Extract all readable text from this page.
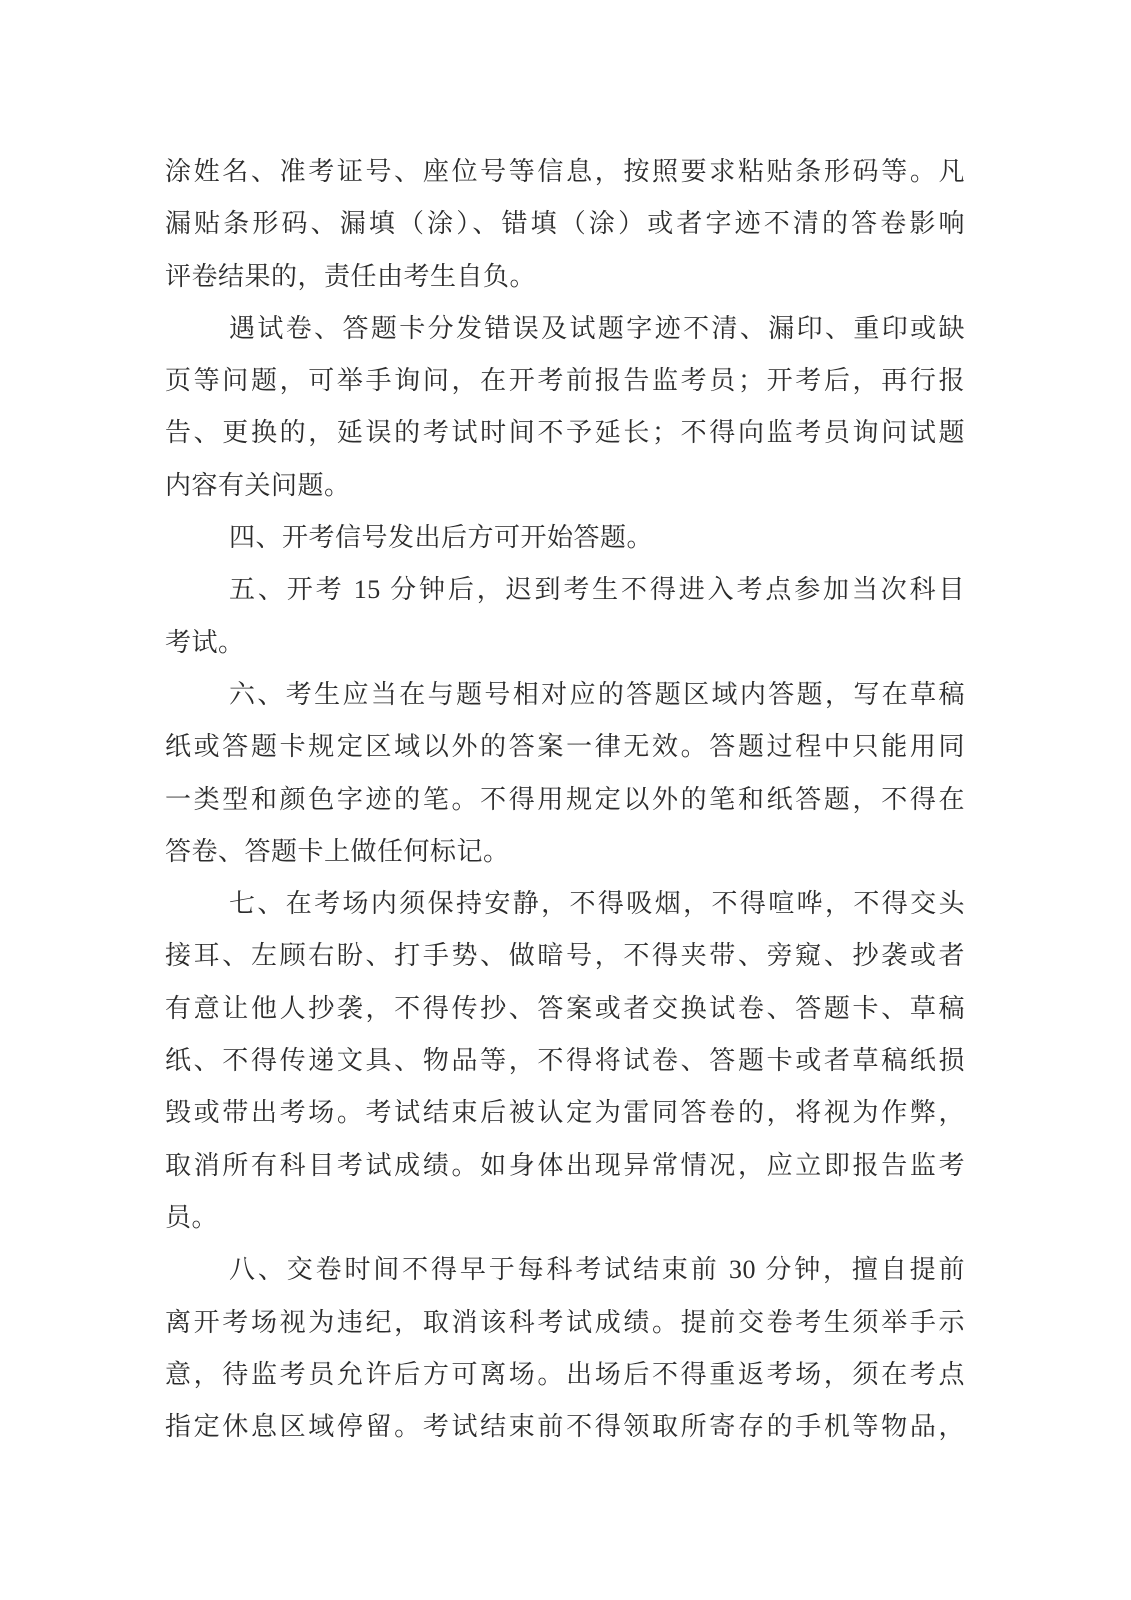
涂姓名、准考证号、座位号等信息，按照要求粘贴条形码等。凡
漏贴条形码、漏填（涂）、错填（涂）或者字迹不清的答卷影响
评卷结果的，责任由考生自负。
遇试卷、答题卡分发错误及试题字迹不清、漏印、重印或缺
页等问题，可举手询问，在开考前报告监考员；开考后，再行报
告、更换的，延误的考试时间不予延长；不得向监考员询问试题
内容有关问题。
四、开考信号发出后方可开始答题。
五、开考 15 分钟后，迟到考生不得进入考点参加当次科目
考试。
六、考生应当在与题号相对应的答题区域内答题，写在草稿
纸或答题卡规定区域以外的答案一律无效。答题过程中只能用同
一类型和颜色字迹的笔。不得用规定以外的笔和纸答题，不得在
答卷、答题卡上做任何标记。
七、在考场内须保持安静，不得吸烟，不得喧哗，不得交头
接耳、左顾右盼、打手势、做暗号，不得夹带、旁窥、抄袭或者
有意让他人抄袭，不得传抄、答案或者交换试卷、答题卡、草稿
纸、不得传递文具、物品等，不得将试卷、答题卡或者草稿纸损
毁或带出考场。考试结束后被认定为雷同答卷的，将视为作弊，
取消所有科目考试成绩。如身体出现异常情况，应立即报告监考
员。
八、交卷时间不得早于每科考试结束前 30 分钟，擅自提前
离开考场视为违纪，取消该科考试成绩。提前交卷考生须举手示
意，待监考员允许后方可离场。出场后不得重返考场，须在考点
指定休息区域停留。考试结束前不得领取所寄存的手机等物品，
